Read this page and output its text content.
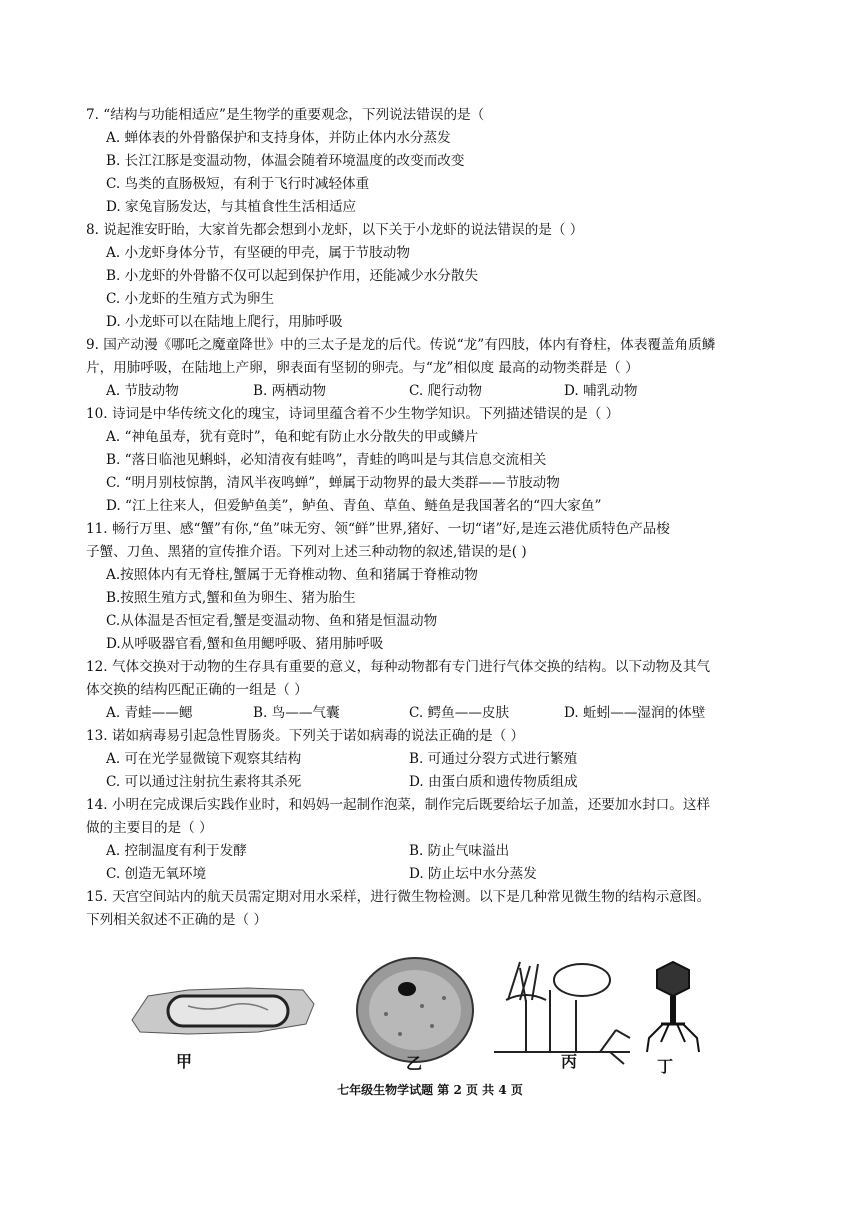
7. “结构与功能相适应”是生物学的重要观念，下列说法错误的是（
A. 蝉体表的外骨骼保护和支持身体，并防止体内水分蒸发
B. 长江江豚是变温动物，体温会随着环境温度的改变而改变
C. 鸟类的直肠极短，有利于飞行时减轻体重
D. 家兔盲肠发达，与其植食性生活相适应
8. 说起淮安盱眙，大家首先都会想到小龙虾，以下关于小龙虾的说法错误的是（ ）
A. 小龙虾身体分节，有坚硬的甲壳，属于节肢动物
B. 小龙虾的外骨骼不仅可以起到保护作用，还能减少水分散失
C. 小龙虾的生殖方式为卵生
D. 小龙虾可以在陆地上爬行，用肺呼吸
9. 国产动漫《哪吒之魔童降世》中的三太子是龙的后代。传说“龙”有四肢，体内有脊柱，体表覆盖角质鳞
片，用肺呼吸，在陆地上产卵，卵表面有坚韧的卵壳。与“龙”相似度 最高的动物类群是（ ）
A. 节肢动物	B. 两栖动物	C. 爬行动物	D. 哺乳动物
10. 诗词是中华传统文化的瑰宝，诗词里蕴含着不少生物学知识。下列描述错误的是（ ）
A. “神龟虽寿，犹有竟时”，龟和蛇有防止水分散失的甲或鳞片
B. “落日临池见蝌蚪，必知清夜有蛙鸣”，青蛙的鸣叫是与其信息交流相关
C. “明月别枝惊鹊，清风半夜鸣蝉”，蝉属于动物界的最大类群——节肢动物
D. “江上往来人，但爱鲈鱼美”，鲈鱼、青鱼、草鱼、鲢鱼是我国著名的“四大家鱼”
11. 畅行万里、感“蟹”有你,“鱼”味无穷、领“鲜”世界,猪好、一切“诸”好,是连云港优质特色产品梭
子蟹、刀鱼、黑猪的宣传推介语。下列对上述三种动物的叙述,错误的是( )
A.按照体内有无脊柱,蟹属于无脊椎动物、鱼和猪属于脊椎动物
B.按照生殖方式,蟹和鱼为卵生、猪为胎生
C.从体温是否恒定看,蟹是变温动物、鱼和猪是恒温动物
D.从呼吸器官看,蟹和鱼用鳃呼吸、猪用肺呼吸
12. 气体交换对于动物的生存具有重要的意义，每种动物都有专门进行气体交换的结构。以下动物及其气
体交换的结构匹配正确的一组是（ ）
A. 青蛙——鳃	B. 鸟——气囊	C. 鳄鱼——皮肤	D. 蚯蚓——湿润的体壁
13. 诺如病毒易引起急性胃肠炎。下列关于诺如病毒的说法正确的是（ ）
A. 可在光学显微镜下观察其结构	B. 可通过分裂方式进行繁殖
C. 可以通过注射抗生素将其杀死	D. 由蛋白质和遗传物质组成
14. 小明在完成课后实践作业时，和妈妈一起制作泡菜，制作完后既要给坛子加盖，还要加水封口。这样
做的主要目的是（ ）
A. 控制温度有利于发酵	B. 防止气味溢出
C. 创造无氧环境	D. 防止坛中水分蒸发
15. 天宫空间站内的航天员需定期对用水采样，进行微生物检测。以下是几种常见微生物的结构示意图。
下列相关叙述不正确的是（ ）
甲	乙	丙	丁
七年级生物学试题 第 2 页 共 4 页
